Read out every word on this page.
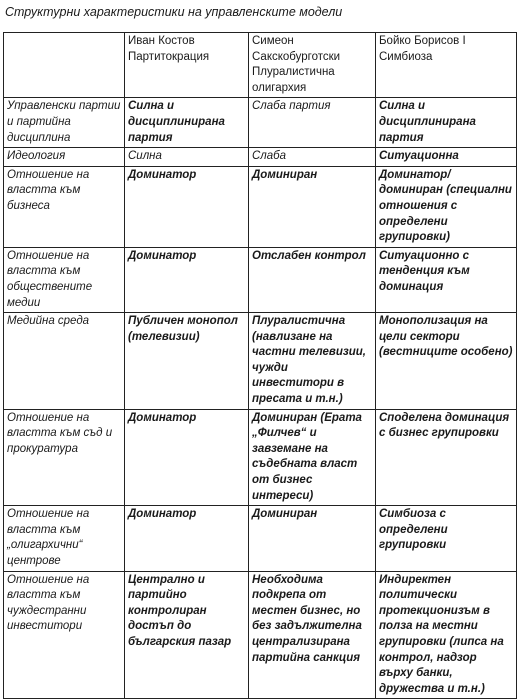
Структурни характеристики на управленските модели
	Иван Костов Партитокрация	Симеон Сакскобурготски Плуралистична олигархия	Бойко Борисов I Симбиоза
Управленски партии и партийна дисциплина	Силна и дисциплинирана партия	Слаба партия	Силна и дисциплинирана партия
Идеология	Силна	Слаба	Ситуационна
Отношение на властта към бизнеса	Доминатор	Доминиран	Доминатор/доминиран (специални отношения с определени групировки)
Отношение на властта към обществените медии	Доминатор	Отслабен контрол	Ситуационно с тенденция към доминация
Медийна среда	Публичен монопол (телевизии)	Плуралистична (навлизане на частни телевизии, чужди инвеститори в пресата и т.н.)	Монополизация на цели сектори (вестниците особено)
Отношение на властта към съд и прокуратура	Доминатор	Доминиран (Ерата „Филчев“ и завземане на съдебната власт от бизнес интереси)	Споделена доминация с бизнес групировки
Отношение на властта към „олигархични“ центрове	Доминатор	Доминиран	Симбиоза с определени групировки
Отношение на властта към чуждестранни инвеститори	Централно и партийно контролиран достъп до българския пазар	Необходима подкрепа от местен бизнес, но без задължителна централизирана партийна санкция	Индиректен политически протекционизъм в полза на местни групировки (липса на контрол, надзор върху банки, дружества и т.н.)
